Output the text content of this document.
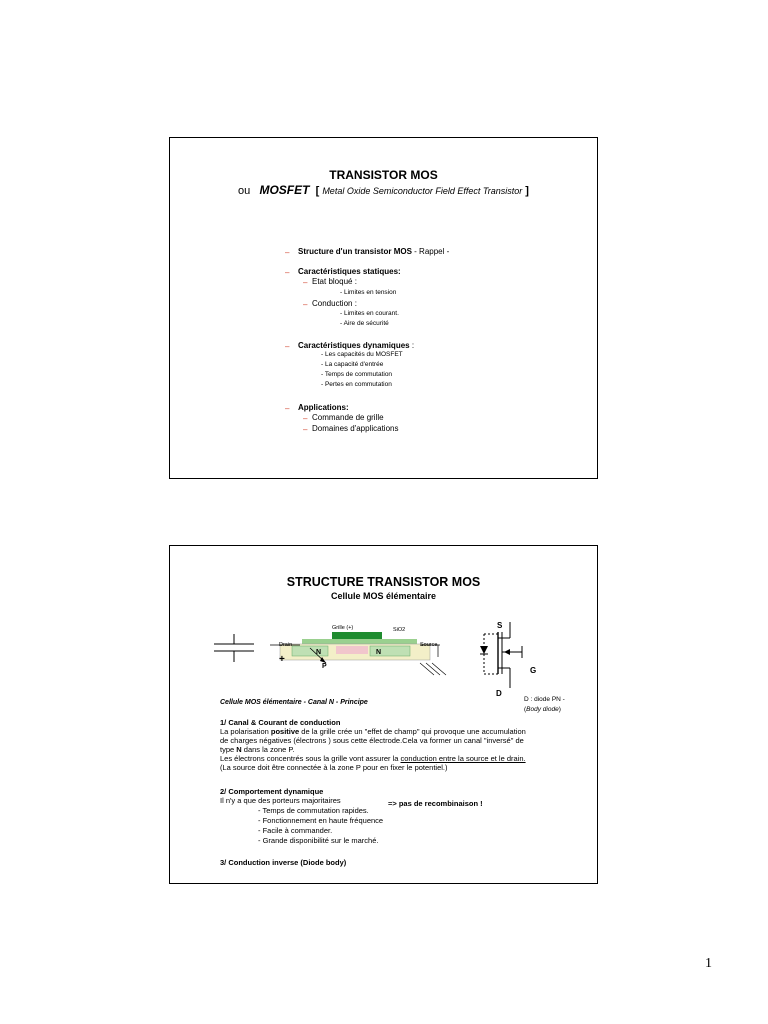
TRANSISTOR MOS
ou MOSFET [ Metal Oxide Semiconductor Field Effect Transistor ]
– Structure d'un transistor MOS - Rappel -
– Caractéristiques statiques:
– Etat bloqué :
- Limites en tension
– Conduction :
- Limites en courant.
- Aire de sécurité
– Caractéristiques dynamiques :
- Les capacités du MOSFET
- La capacité d'entrée
- Temps de commutation
- Pertes en commutation
– Applications:
– Commande de grille
– Domaines d'applications
STRUCTURE TRANSISTOR MOS
Cellule MOS élémentaire
Grille (+)	SiO2
Drain	Source
+
N	N
P
S
G
D
D : diode PN -
(Body diode)
Cellule MOS élémentaire - Canal N - Principe
1/ Canal & Courant de conduction
La polarisation positive de la grille crée un "effet de champ" qui provoque une accumulation
de charges négatives (électrons ) sous cette électrode.Cela va former un canal "inversé" de
type N dans la zone P.
Les électrons concentrés sous la grille vont assurer la conduction entre la source et le drain.
(La source doit être connectée à la zone P pour en fixer le potentiel.)
2/ Comportement dynamique
Il n'y a que des porteurs majoritaires	=> pas de recombinaison !
- Temps de commutation rapides.
- Fonctionnement en haute fréquence
- Facile à commander.
- Grande disponibilité sur le marché.
3/ Conduction inverse (Diode body)
1
